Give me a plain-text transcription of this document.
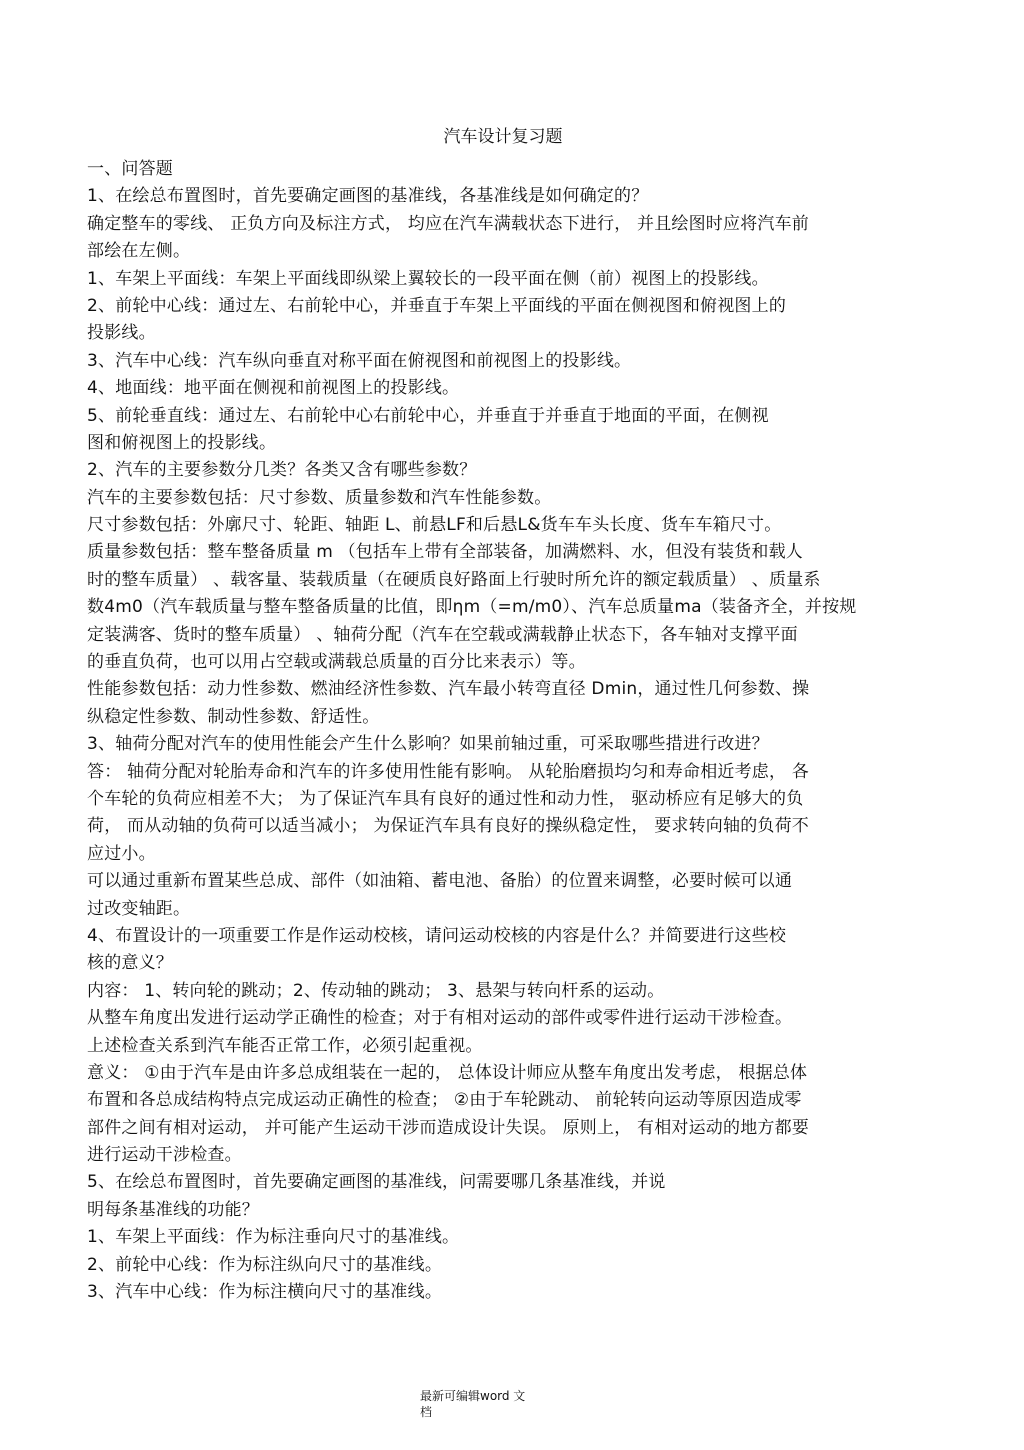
汽车设计复习题
一、问答题
1、在绘总布置图时，首先要确定画图的基准线，各基准线是如何确定的？
确定整车的零线、 正负方向及标注方式， 均应在汽车满载状态下进行， 并且绘图时应将汽车前
部绘在左侧。
1、车架上平面线：车架上平面线即纵梁上翼较长的一段平面在侧（前）视图上的投影线。
2、前轮中心线：通过左、右前轮中心，并垂直于车架上平面线的平面在侧视图和俯视图上的
投影线。
3、汽车中心线：汽车纵向垂直对称平面在俯视图和前视图上的投影线。
4、地面线：地平面在侧视和前视图上的投影线。
5、前轮垂直线：通过左、右前轮中心右前轮中心，并垂直于并垂直于地面的平面，在侧视
图和俯视图上的投影线。
2、汽车的主要参数分几类？各类又含有哪些参数？
汽车的主要参数包括：尺寸参数、质量参数和汽车性能参数。
尺寸参数包括：外廓尺寸、轮距、轴距 L、前悬LF和后悬L&货车车头长度、货车车箱尺寸。
质量参数包括：整车整备质量 m （包括车上带有全部装备，加满燃料、水，但没有装货和载人
时的整车质量） 、载客量、装载质量（在硬质良好路面上行驶时所允许的额定载质量） 、质量系
数4m0（汽车载质量与整车整备质量的比值，即ηm（=m/m0）、汽车总质量ma（装备齐全，并按规
定装满客、货时的整车质量） 、轴荷分配（汽车在空载或满载静止状态下，各车轴对支撑平面
的垂直负荷，也可以用占空载或满载总质量的百分比来表示）等。
性能参数包括：动力性参数、燃油经济性参数、汽车最小转弯直径 Dmin，通过性几何参数、操
纵稳定性参数、制动性参数、舒适性。
3、轴荷分配对汽车的使用性能会产生什么影响？如果前轴过重，可采取哪些措进行改进？
答： 轴荷分配对轮胎寿命和汽车的许多使用性能有影响。 从轮胎磨损均匀和寿命相近考虑， 各
个车轮的负荷应相差不大； 为了保证汽车具有良好的通过性和动力性， 驱动桥应有足够大的负
荷， 而从动轴的负荷可以适当减小； 为保证汽车具有良好的操纵稳定性， 要求转向轴的负荷不
应过小。
可以通过重新布置某些总成、部件（如油箱、蓄电池、备胎）的位置来调整，必要时候可以通
过改变轴距。
4、布置设计的一项重要工作是作运动校核，请问运动校核的内容是什么？并简要进行这些校
核的意义？
内容： 1、转向轮的跳动；2、传动轴的跳动； 3、悬架与转向杆系的运动。
从整车角度出发进行运动学正确性的检查；对于有相对运动的部件或零件进行运动干涉检查。
上述检查关系到汽车能否正常工作，必须引起重视。
意义： ①由于汽车是由许多总成组装在一起的， 总体设计师应从整车角度出发考虑， 根据总体
布置和各总成结构特点完成运动正确性的检查； ②由于车轮跳动、 前轮转向运动等原因造成零
部件之间有相对运动， 并可能产生运动干涉而造成设计失误。 原则上， 有相对运动的地方都要
进行运动干涉检查。
5、在绘总布置图时，首先要确定画图的基准线，问需要哪几条基准线，并说
明每条基准线的功能？
1、车架上平面线：作为标注垂向尺寸的基准线。
2、前轮中心线：作为标注纵向尺寸的基准线。
3、汽车中心线：作为标注横向尺寸的基准线。
最新可编辑word 文
档
